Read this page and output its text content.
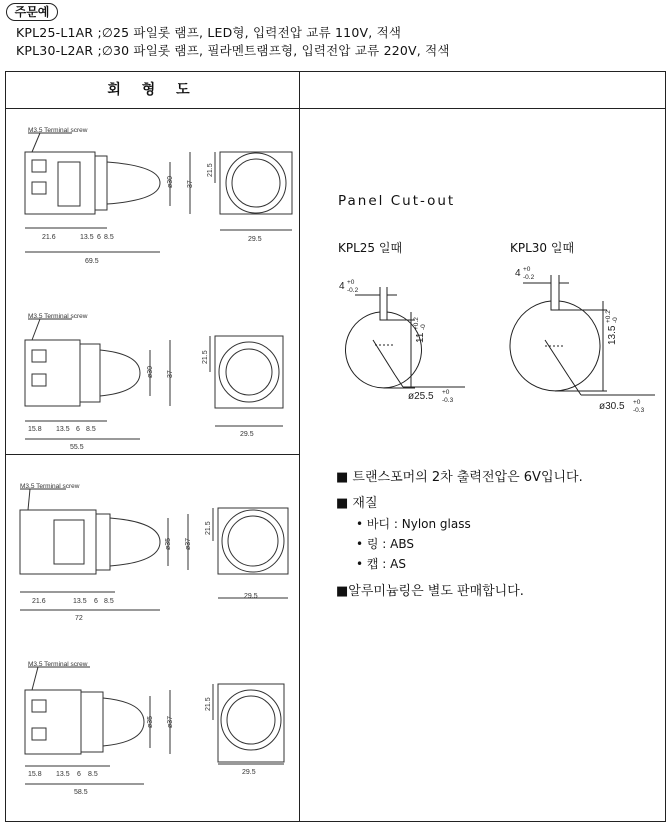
주문예
KPL25-L1AR ;∅25 파일롯 램프, LED형, 입력전압 교류 110V, 적색
KPL30-L2AR ;∅30 파일롯 램프, 필라멘트램프형, 입력전압 교류 220V, 적색
회 형 도
M3.5 Terminal screw
ø30 37
21.6	13.5 6 8.5
69.5
21.5
29.5
M3.5 Terminal screw
ø30 37
15.8 13.5 6 8.5
55.5
21.5
29.5
M3.5 Terminal screw
ø35 ø37
21.6	13.5 6 8.5
72
21.5
29.5
M3.5 Terminal screw
ø35 ø37
15.8 13.5 6 8.5
58.5
21.5
29.5
Panel Cut-out
KPL25 일때	KPL30 일때
4 +0
-0.2
11
+0.2 -0
ø25.5 +0
-0.3
4 +0
-0.2
13.5
+0.2 -0
ø30.5 +0
-0.3
■ 트랜스포머의 2차 출력전압은 6V입니다.
■ 재질
• 바디 : Nylon glass
• 링 : ABS
• 캡 : AS
■알루미늄링은 별도 판매합니다.
